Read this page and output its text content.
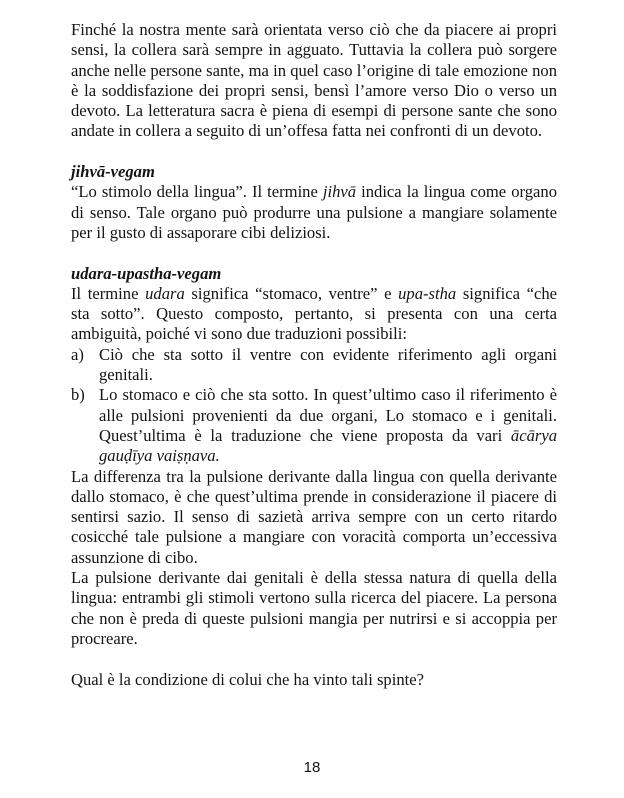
Finché la nostra mente sarà orientata verso ciò che da piacere ai propri sensi, la collera sarà sempre in agguato. Tuttavia la collera può sorgere anche nelle persone sante, ma in quel caso l’origine di tale emozione non è la soddisfazione dei propri sensi, bensì l’amore verso Dio o verso un devoto. La letteratura sacra è piena di esempi di persone sante che sono andate in collera a seguito di un’offesa fatta nei confronti di un devoto.

jihvā-vegam

“Lo stimolo della lingua”. Il termine jihvā indica la lingua come organo di senso. Tale organo può produrre una pulsione a mangiare solamente per il gusto di assaporare cibi deliziosi.

udara-upastha-vegam

Il termine udara significa “stomaco, ventre” e upa-stha significa “che sta sotto”. Questo composto, pertanto, si presenta con una certa ambiguità, poiché vi sono due traduzioni possibili:

a) Ciò che sta sotto il ventre con evidente riferimento agli organi genitali.
b) Lo stomaco e ciò che sta sotto. In quest’ultimo caso il riferimento è alle pulsioni provenienti da due organi, Lo stomaco e i genitali. Quest’ultima è la traduzione che viene proposta da vari ācārya gauḍīya vaiṣṇava.

La differenza tra la pulsione derivante dalla lingua con quella derivante dallo stomaco, è che quest’ultima prende in considerazione il piacere di sentirsi sazio. Il senso di sazietà arriva sempre con un certo ritardo cosicché tale pulsione a mangiare con voracità comporta un’eccessiva assunzione di cibo.

La pulsione derivante dai genitali è della stessa natura di quella della lingua: entrambi gli stimoli vertono sulla ricerca del piacere. La persona che non è preda di queste pulsioni mangia per nutrirsi e si accoppia per procreare.

Qual è la condizione di colui che ha vinto tali spinte?

18
